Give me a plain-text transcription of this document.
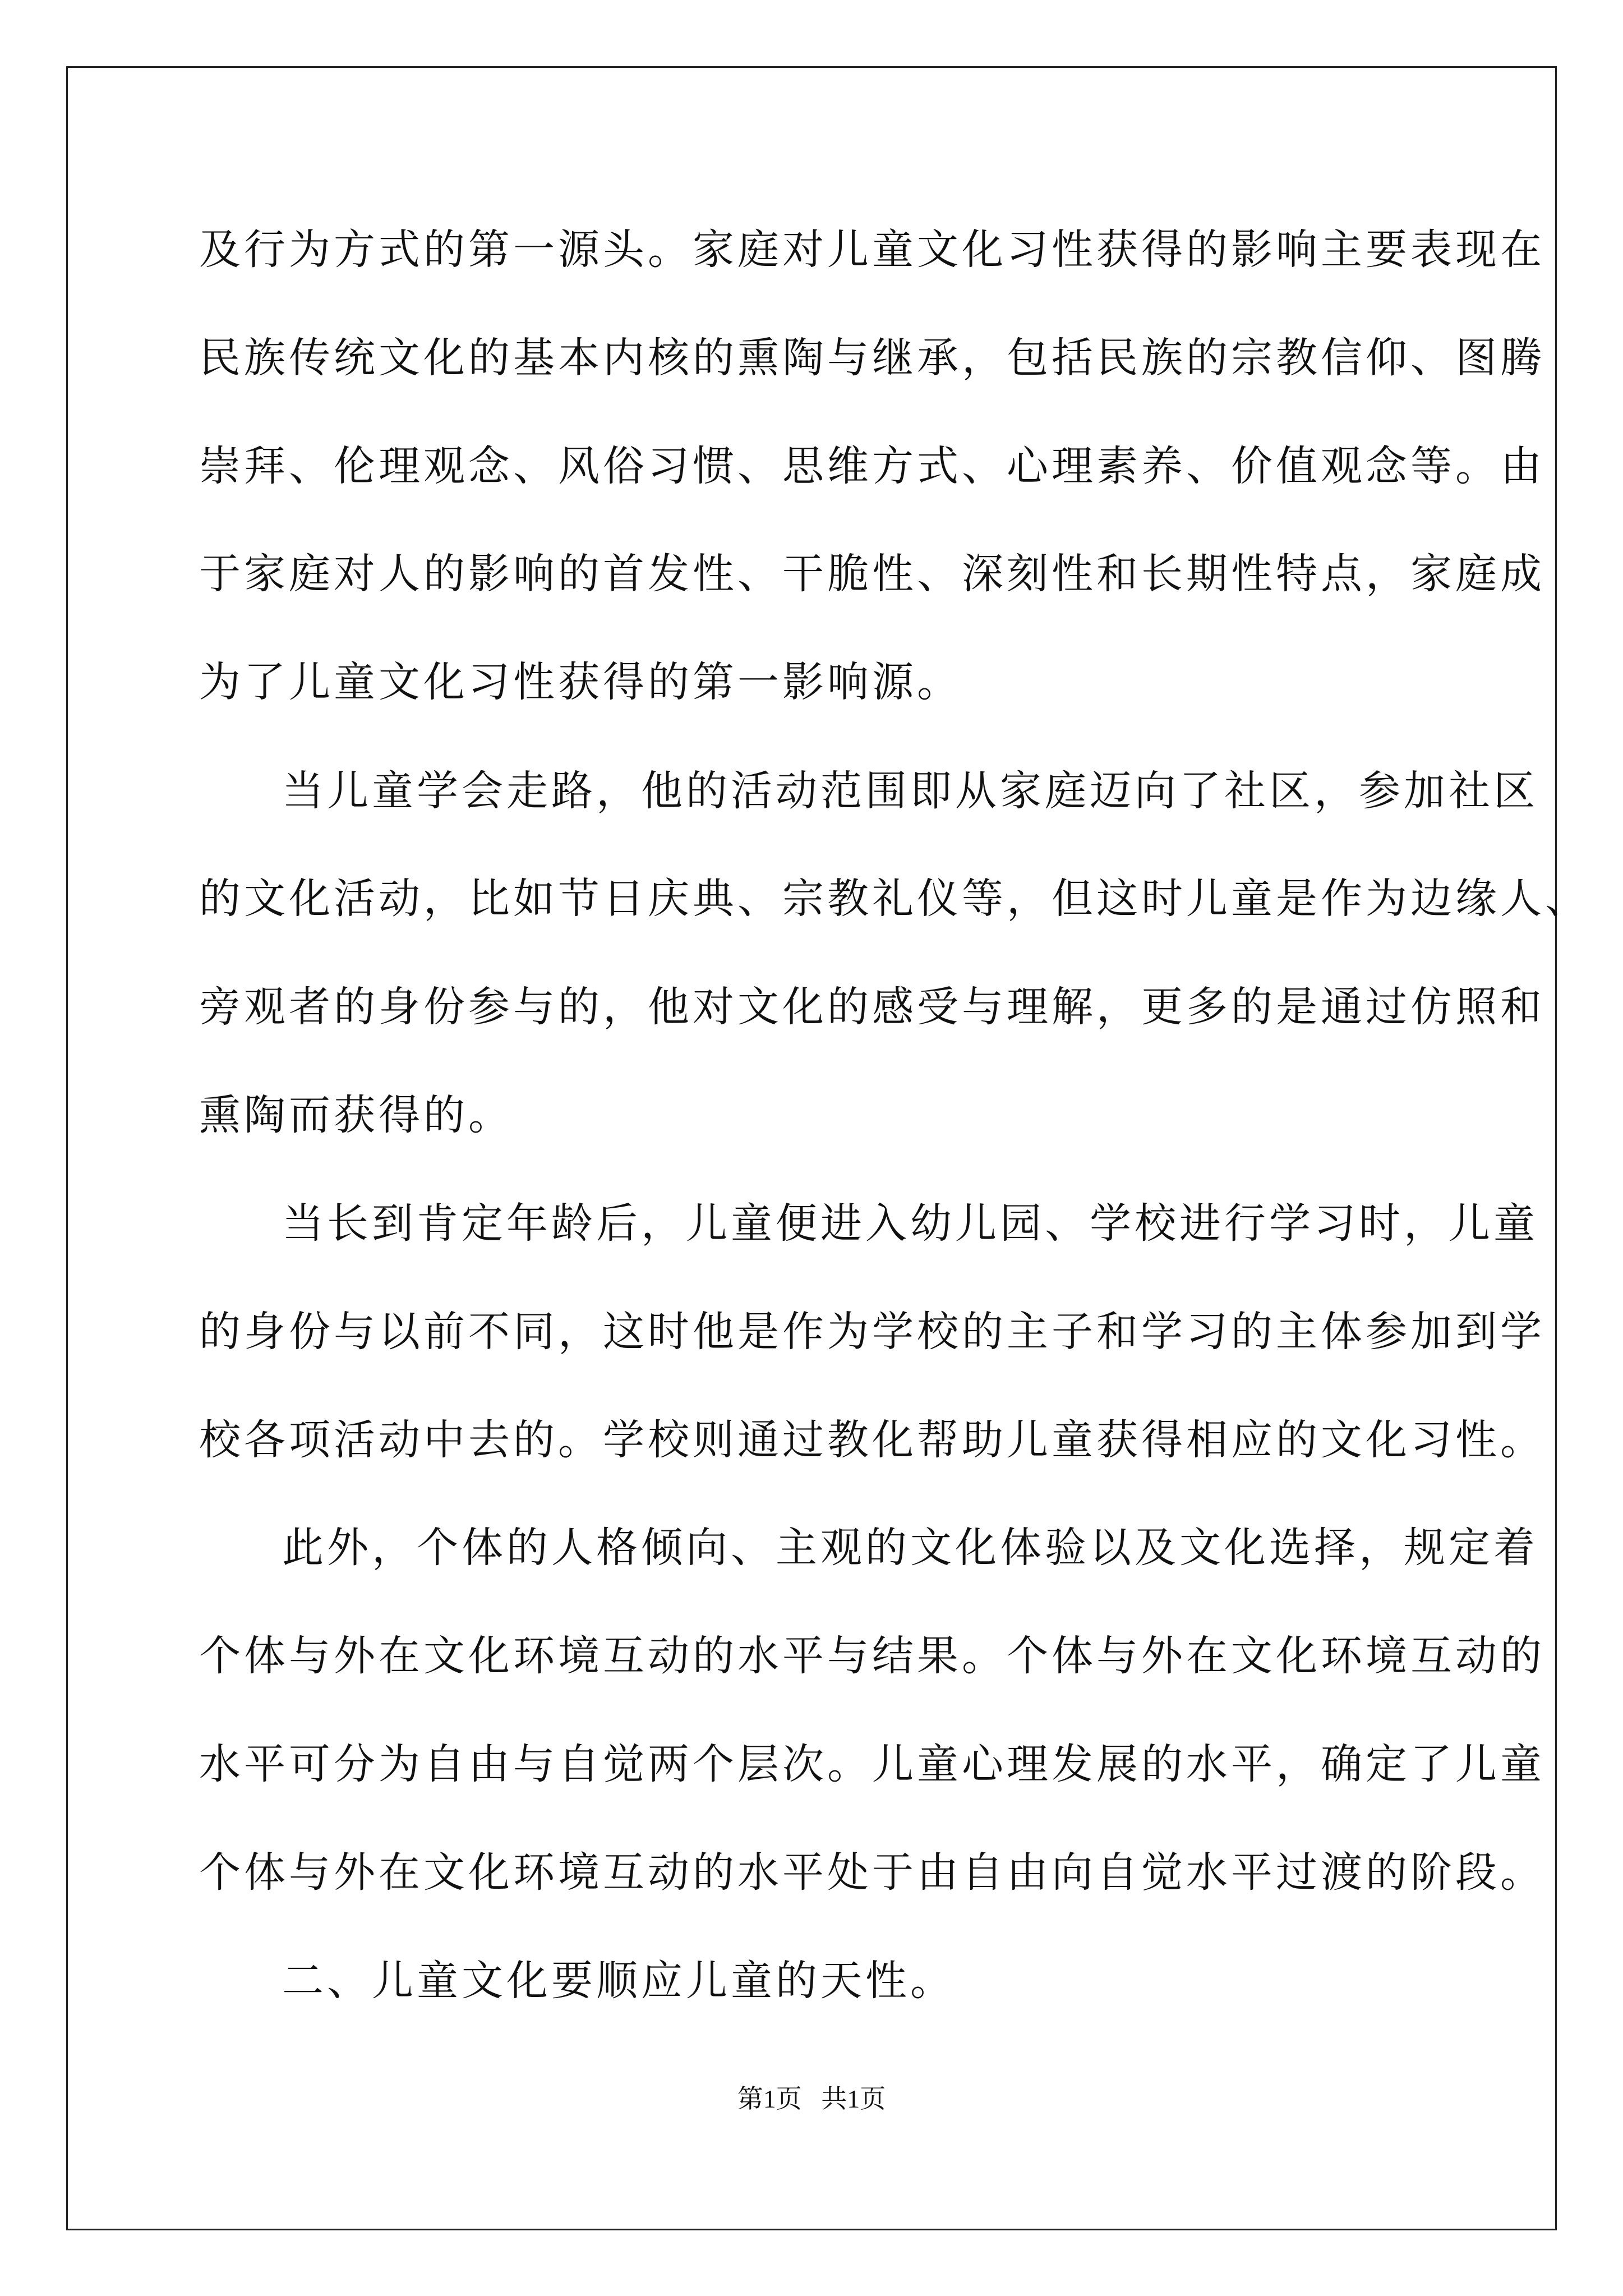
及行为方式的第一源头。家庭对儿童文化习性获得的影响主要表现在

民族传统文化的基本内核的熏陶与继承，包括民族的宗教信仰、图腾

崇拜、伦理观念、风俗习惯、思维方式、心理素养、价值观念等。由

于家庭对人的影响的首发性、干脆性、深刻性和长期性特点，家庭成

为了儿童文化习性获得的第一影响源。

当儿童学会走路，他的活动范围即从家庭迈向了社区，参加社区

的文化活动，比如节日庆典、宗教礼仪等，但这时儿童是作为边缘人、

旁观者的身份参与的，他对文化的感受与理解，更多的是通过仿照和

熏陶而获得的。

当长到肯定年龄后，儿童便进入幼儿园、学校进行学习时，儿童

的身份与以前不同，这时他是作为学校的主子和学习的主体参加到学

校各项活动中去的。学校则通过教化帮助儿童获得相应的文化习性。

此外，个体的人格倾向、主观的文化体验以及文化选择，规定着

个体与外在文化环境互动的水平与结果。个体与外在文化环境互动的

水平可分为自由与自觉两个层次。儿童心理发展的水平，确定了儿童

个体与外在文化环境互动的水平处于由自由向自觉水平过渡的阶段。

二、儿童文化要顺应儿童的天性。

第1页   共1页
